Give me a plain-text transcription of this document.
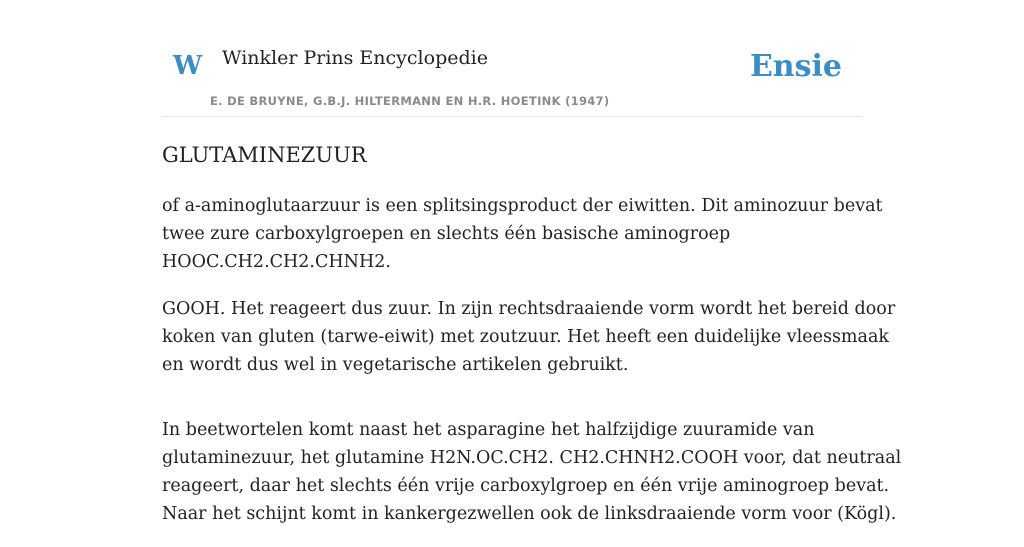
W Winkler Prins Encyclopedie
E. DE BRUYNE, G.B.J. HILTERMANN EN H.R. HOETINK (1947)
Ensie
GLUTAMINEZUUR

of a-aminoglutaarzuur is een splitsingsproduct der eiwitten. Dit aminozuur bevat
twee zure carboxylgroepen en slechts één basische aminogroep
HOOC.CH2.CH2.CHNH2.

GOOH. Het reageert dus zuur. In zijn rechtsdraaiende vorm wordt het bereid door
koken van gluten (tarwe-eiwit) met zoutzuur. Het heeft een duidelijke vleessmaak
en wordt dus wel in vegetarische artikelen gebruikt.

In beetwortelen komt naast het asparagine het halfzijdige zuuramide van
glutaminezuur, het glutamine H2N.OC.CH2. CH2.CHNH2.COOH voor, dat neutraal
reageert, daar het slechts één vrije carboxylgroep en één vrije aminogroep bevat.
Naar het schijnt komt in kankergezwellen ook de linksdraaiende vorm voor (Kögl).
